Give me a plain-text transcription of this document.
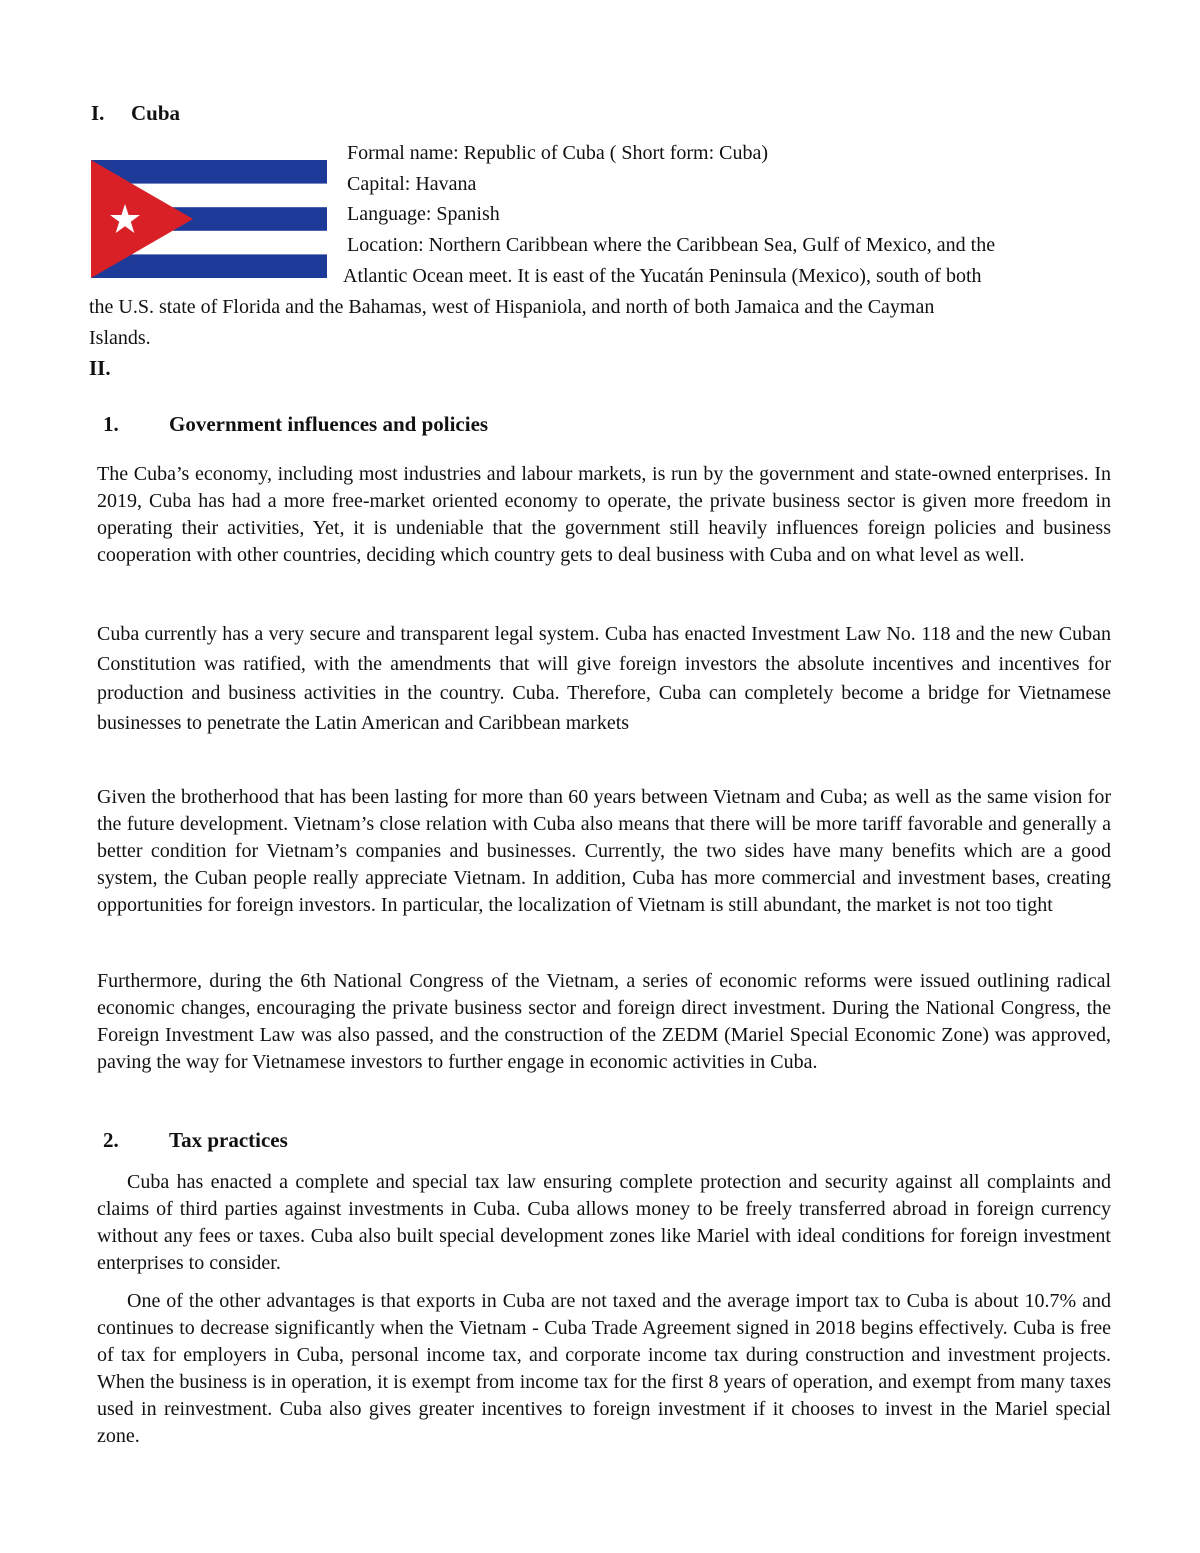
I. Cuba
Formal name: Republic of Cuba ( Short form: Cuba)
Capital: Havana
Language: Spanish
Location: Northern Caribbean where the Caribbean Sea, Gulf of Mexico, and the
Atlantic Ocean meet. It is east of the Yucatán Peninsula (Mexico), south of both
the U.S. state of Florida and the Bahamas, west of Hispaniola, and north of both Jamaica and the Cayman
Islands.
II.
1. Government influences and policies
The Cuba’s economy, including most industries and labour markets, is run by the government and state-owned enterprises. In 2019, Cuba has had a more free-market oriented economy to operate, the private business sector is given more freedom in operating their activities, Yet, it is undeniable that the government still heavily influences foreign policies and business cooperation with other countries, deciding which country gets to deal business with Cuba and on what level as well.
Cuba currently has a very secure and transparent legal system. Cuba has enacted Investment Law No. 118 and the new Cuban Constitution was ratified, with the amendments that will give foreign investors the absolute incentives and incentives for production and business activities in the country. Cuba. Therefore, Cuba can completely become a bridge for Vietnamese businesses to penetrate the Latin American and Caribbean markets
Given the brotherhood that has been lasting for more than 60 years between Vietnam and Cuba; as well as the same vision for the future development. Vietnam’s close relation with Cuba also means that there will be more tariff favorable and generally a better condition for Vietnam’s companies and businesses. Currently, the two sides have many benefits which are a good system, the Cuban people really appreciate Vietnam. In addition, Cuba has more commercial and investment bases, creating opportunities for foreign investors. In particular, the localization of Vietnam is still abundant, the market is not too tight
Furthermore, during the 6th National Congress of the Vietnam, a series of economic reforms were issued outlining radical economic changes, encouraging the private business sector and foreign direct investment. During the National Congress, the Foreign Investment Law was also passed, and the construction of the ZEDM (Mariel Special Economic Zone) was approved, paving the way for Vietnamese investors to further engage in economic activities in Cuba.
2. Tax practices
Cuba has enacted a complete and special tax law ensuring complete protection and security against all complaints and claims of third parties against investments in Cuba. Cuba allows money to be freely transferred abroad in foreign currency without any fees or taxes. Cuba also built special development zones like Mariel with ideal conditions for foreign investment enterprises to consider.
One of the other advantages is that exports in Cuba are not taxed and the average import tax to Cuba is about 10.7% and continues to decrease significantly when the Vietnam - Cuba Trade Agreement signed in 2018 begins effectively. Cuba is free of tax for employers in Cuba, personal income tax, and corporate income tax during construction and investment projects. When the business is in operation, it is exempt from income tax for the first 8 years of operation, and exempt from many taxes used in reinvestment. Cuba also gives greater incentives to foreign investment if it chooses to invest in the Mariel special zone.
